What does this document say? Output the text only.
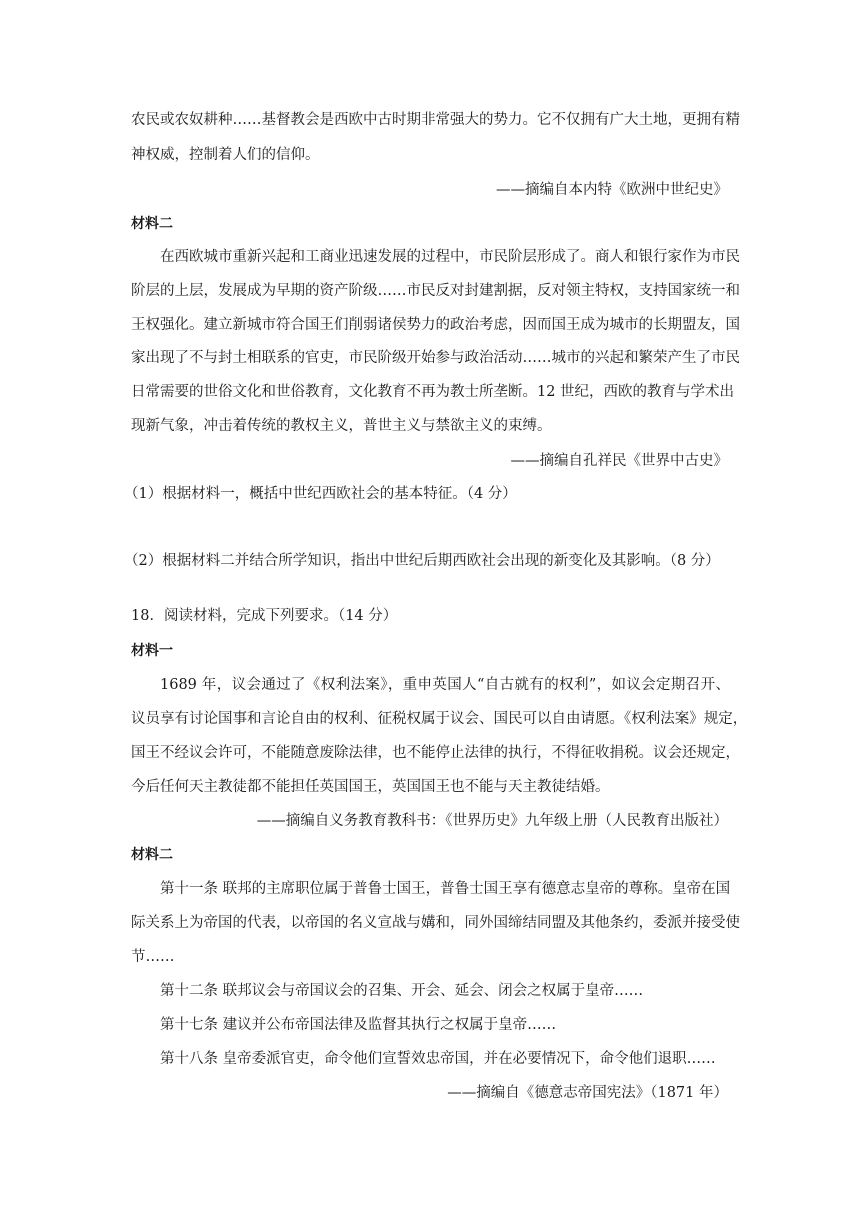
农民或农奴耕种……基督教会是西欧中古时期非常强大的势力。它不仅拥有广大土地，更拥有精
神权威，控制着人们的信仰。
——摘编自本内特《欧洲中世纪史》
材料二
在西欧城市重新兴起和工商业迅速发展的过程中，市民阶层形成了。商人和银行家作为市民
阶层的上层，发展成为早期的资产阶级……市民反对封建割据，反对领主特权，支持国家统一和
王权强化。建立新城市符合国王们削弱诸侯势力的政治考虑，因而国王成为城市的长期盟友，国
家出现了不与封土相联系的官吏，市民阶级开始参与政治活动……城市的兴起和繁荣产生了市民
日常需要的世俗文化和世俗教育，文化教育不再为教士所垄断。12 世纪，西欧的教育与学术出
现新气象，冲击着传统的教权主义，普世主义与禁欲主义的束缚。
——摘编自孔祥民《世界中古史》
（1）根据材料一，概括中世纪西欧社会的基本特征。（4 分）
（2）根据材料二并结合所学知识，指出中世纪后期西欧社会出现的新变化及其影响。（8 分）
18．阅读材料，完成下列要求。（14 分）
材料一
1689 年，议会通过了《权利法案》，重申英国人“自古就有的权利”，如议会定期召开、
议员享有讨论国事和言论自由的权利、征税权属于议会、国民可以自由请愿。《权利法案》规定，
国王不经议会许可，不能随意废除法律，也不能停止法律的执行，不得征收捐税。议会还规定，
今后任何天主教徒都不能担任英国国王，英国国王也不能与天主教徒结婚。
——摘编自义务教育教科书：《世界历史》九年级上册（人民教育出版社）
材料二
第十一条 联邦的主席职位属于普鲁士国王，普鲁士国王享有德意志皇帝的尊称。皇帝在国
际关系上为帝国的代表，以帝国的名义宣战与媾和，同外国缔结同盟及其他条约，委派并接受使
节……
第十二条 联邦议会与帝国议会的召集、开会、延会、闭会之权属于皇帝……
第十七条 建议并公布帝国法律及监督其执行之权属于皇帝……
第十八条 皇帝委派官吏，命令他们宣誓效忠帝国，并在必要情况下，命令他们退职……
——摘编自《德意志帝国宪法》（1871 年）
